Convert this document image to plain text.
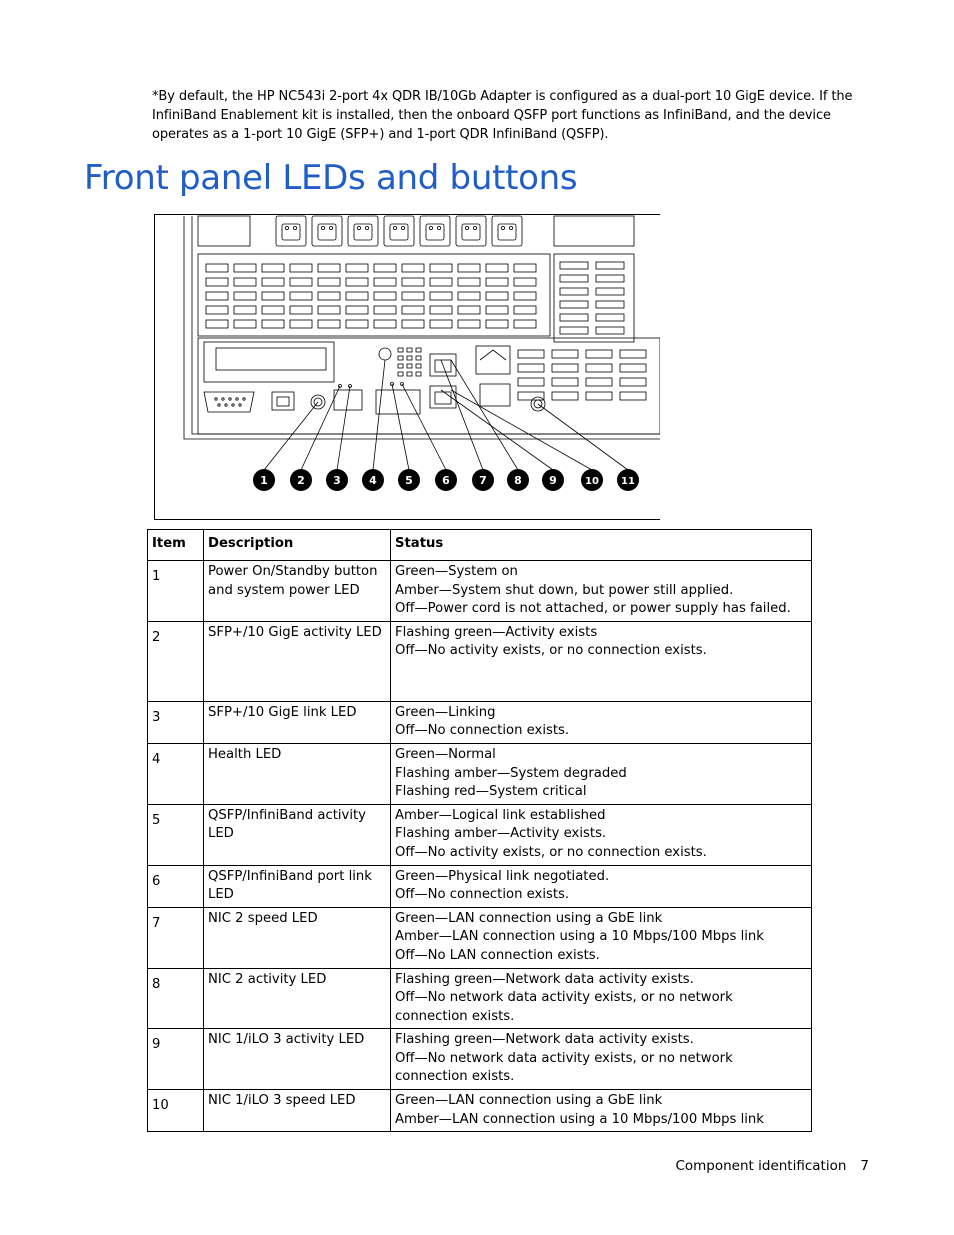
*By default, the HP NC543i 2-port 4x QDR IB/10Gb Adapter is configured as a dual-port 10 GigE device. If the InfiniBand Enablement kit is installed, then the onboard QSFP port functions as InfiniBand, and the device operates as a 1-port 10 GigE (SFP+) and 1-port QDR InfiniBand (QSFP).

Front panel LEDs and buttons
1	2	3	4	5	6	7 8 9	10 11
Item	Description	Status
1	Power On/Standby button and system power LED	Green—System on
Amber—System shut down, but power still applied.
Off—Power cord is not attached, or power supply has failed.

2	SFP+/10 GigE activity LED	Flashing green—Activity exists
Off—No activity exists, or no connection exists.

3	SFP+/10 GigE link LED	Green—Linking
Off—No connection exists.

4	Health LED	Green—Normal
Flashing amber—System degraded
Flashing red—System critical

5	QSFP/InfiniBand activity LED	Amber—Logical link established
Flashing amber—Activity exists.
Off—No activity exists, or no connection exists.

6	QSFP/InfiniBand port link LED	Green—Physical link negotiated.
Off—No connection exists.

7	NIC 2 speed LED	Green—LAN connection using a GbE link
Amber—LAN connection using a 10 Mbps/100 Mbps link
Off—No LAN connection exists.

8	NIC 2 activity LED	Flashing green—Network data activity exists.
Off—No network data activity exists, or no network connection exists.

9	NIC 1/iLO 3 activity LED	Flashing green—Network data activity exists.
Off—No network data activity exists, or no network connection exists.

10	NIC 1/iLO 3 speed LED	Green—LAN connection using a GbE link
Amber—LAN connection using a 10 Mbps/100 Mbps link
Component identification 7
